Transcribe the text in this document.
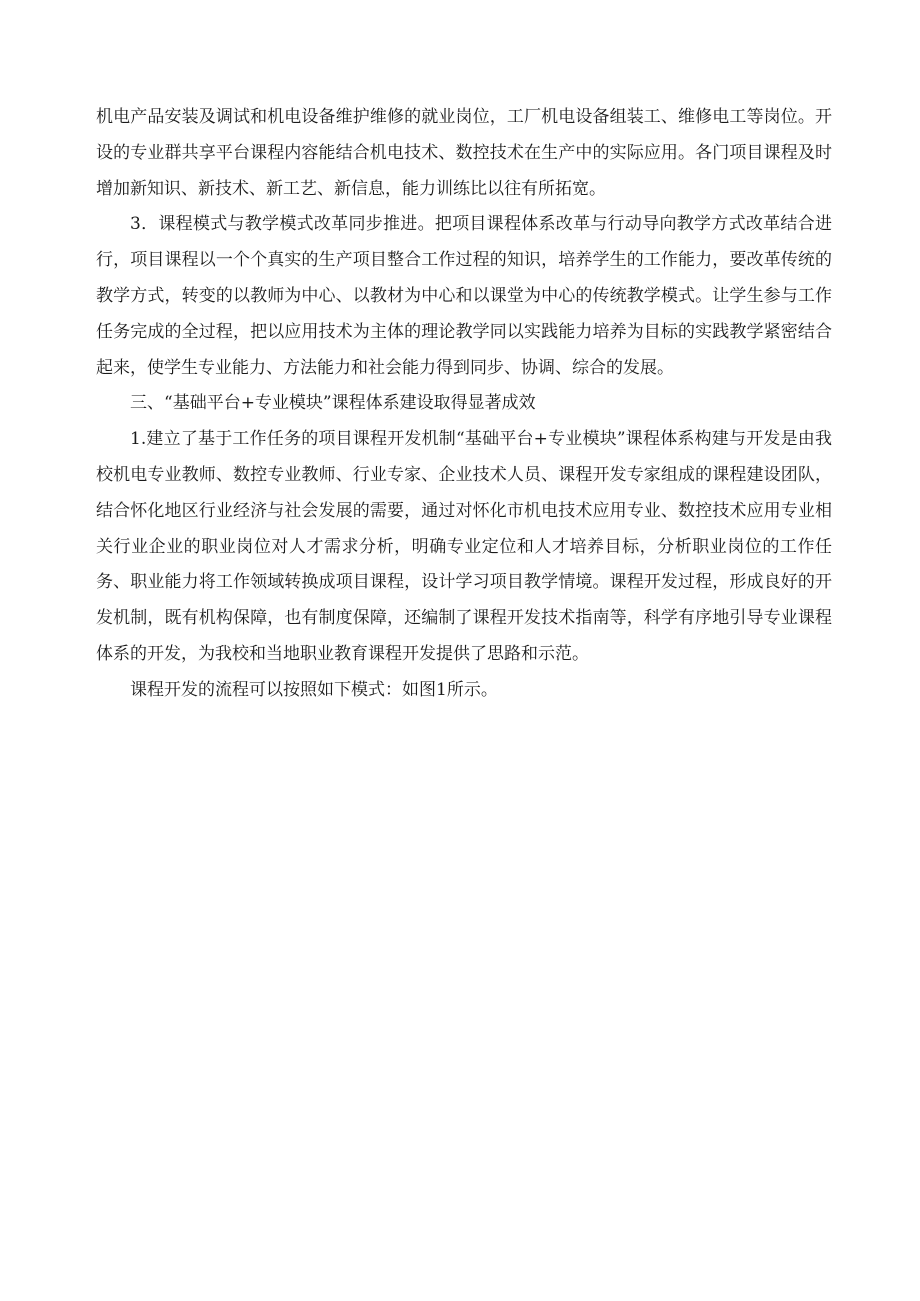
机电产品安装及调试和机电设备维护维修的就业岗位，工厂机电设备组装工、维修电工等岗位。开设的专业群共享平台课程内容能结合机电技术、数控技术在生产中的实际应用。各门项目课程及时增加新知识、新技术、新工艺、新信息，能力训练比以往有所拓宽。

3．课程模式与教学模式改革同步推进。把项目课程体系改革与行动导向教学方式改革结合进行，项目课程以一个个真实的生产项目整合工作过程的知识，培养学生的工作能力，要改革传统的教学方式，转变的以教师为中心、以教材为中心和以课堂为中心的传统教学模式。让学生参与工作任务完成的全过程，把以应用技术为主体的理论教学同以实践能力培养为目标的实践教学紧密结合起来，使学生专业能力、方法能力和社会能力得到同步、协调、综合的发展。

三、“基础平台+专业模块”课程体系建设取得显著成效

1.建立了基于工作任务的项目课程开发机制“基础平台+专业模块”课程体系构建与开发是由我校机电专业教师、数控专业教师、行业专家、企业技术人员、课程开发专家组成的课程建设团队，结合怀化地区行业经济与社会发展的需要，通过对怀化市机电技术应用专业、数控技术应用专业相关行业企业的职业岗位对人才需求分析，明确专业定位和人才培养目标，分析职业岗位的工作任务、职业能力将工作领域转换成项目课程，设计学习项目教学情境。课程开发过程，形成良好的开发机制，既有机构保障，也有制度保障，还编制了课程开发技术指南等，科学有序地引导专业课程体系的开发，为我校和当地职业教育课程开发提供了思路和示范。

课程开发的流程可以按照如下模式：如图1所示。
